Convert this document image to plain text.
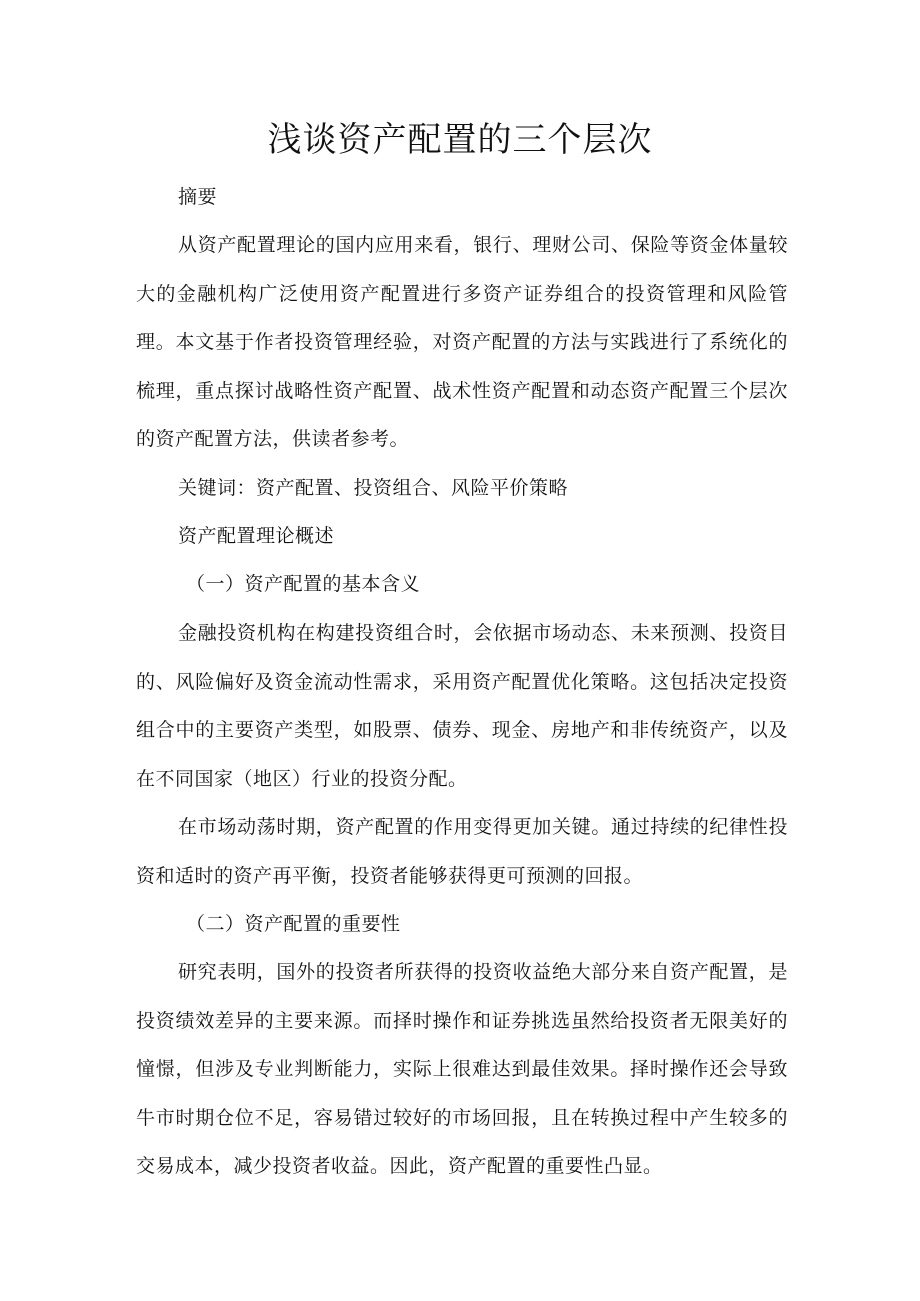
浅谈资产配置的三个层次
摘要
从资产配置理论的国内应用来看，银行、理财公司、保险等资金体量较大的金融机构广泛使用资产配置进行多资产证券组合的投资管理和风险管理。本文基于作者投资管理经验，对资产配置的方法与实践进行了系统化的梳理，重点探讨战略性资产配置、战术性资产配置和动态资产配置三个层次的资产配置方法，供读者参考。
关键词：资产配置、投资组合、风险平价策略
资产配置理论概述
（一）资产配置的基本含义
金融投资机构在构建投资组合时，会依据市场动态、未来预测、投资目的、风险偏好及资金流动性需求，采用资产配置优化策略。这包括决定投资组合中的主要资产类型，如股票、债券、现金、房地产和非传统资产，以及在不同国家（地区）行业的投资分配。
在市场动荡时期，资产配置的作用变得更加关键。通过持续的纪律性投资和适时的资产再平衡，投资者能够获得更可预测的回报。
（二）资产配置的重要性
研究表明，国外的投资者所获得的投资收益绝大部分来自资产配置，是投资绩效差异的主要来源。而择时操作和证券挑选虽然给投资者无限美好的憧憬，但涉及专业判断能力，实际上很难达到最佳效果。择时操作还会导致牛市时期仓位不足，容易错过较好的市场回报，且在转换过程中产生较多的交易成本，减少投资者收益。因此，资产配置的重要性凸显。
